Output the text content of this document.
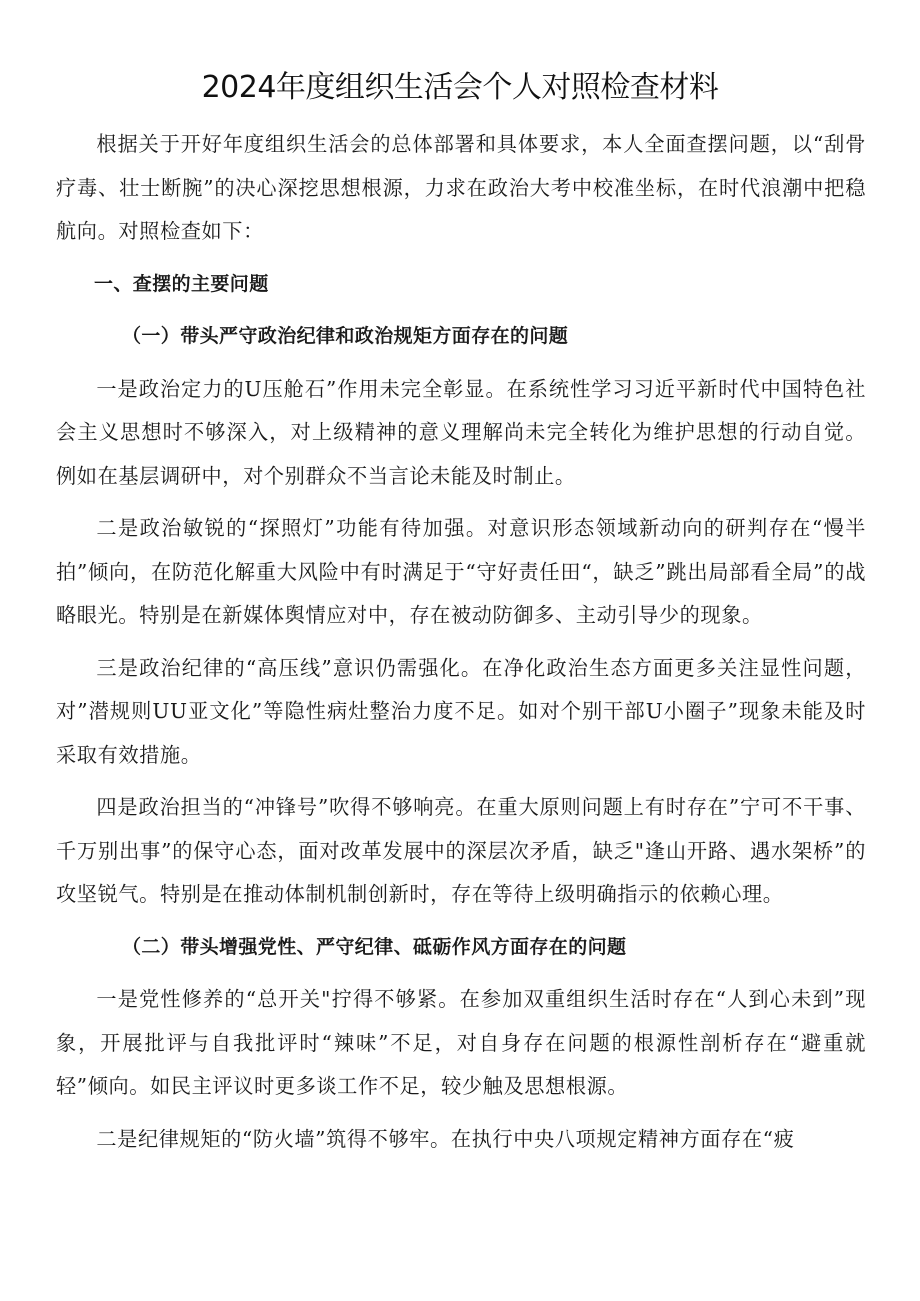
2024年度组织生活会个人对照检查材料

根据关于开好年度组织生活会的总体部署和具体要求，本人全面查摆问题，以“刮骨疗毒、壮士断腕”的决心深挖思想根源，力求在政治大考中校准坐标，在时代浪潮中把稳航向。对照检查如下：

一、查摆的主要问题

（一）带头严守政治纪律和政治规矩方面存在的问题

一是政治定力的U压舱石”作用未完全彰显。在系统性学习习近平新时代中国特色社会主义思想时不够深入，对上级精神的意义理解尚未完全转化为维护思想的行动自觉。例如在基层调研中，对个别群众不当言论未能及时制止。

二是政治敏锐的“探照灯”功能有待加强。对意识形态领域新动向的研判存在“慢半拍”倾向，在防范化解重大风险中有时满足于“守好责任田“，缺乏”跳出局部看全局”的战略眼光。特别是在新媒体舆情应对中，存在被动防御多、主动引导少的现象。

三是政治纪律的“高压线”意识仍需强化。在净化政治生态方面更多关注显性问题，对”潜规则UU亚文化”等隐性病灶整治力度不足。如对个别干部U小圈子”现象未能及时采取有效措施。

四是政治担当的“冲锋号”吹得不够响亮。在重大原则问题上有时存在”宁可不干事、千万别出事”的保守心态，面对改革发展中的深层次矛盾，缺乏"逢山开路、遇水架桥”的攻坚锐气。特别是在推动体制机制创新时，存在等待上级明确指示的依赖心理。

（二）带头增强党性、严守纪律、砥砺作风方面存在的问题

一是党性修养的“总开关"拧得不够紧。在参加双重组织生活时存在“人到心未到”现象，开展批评与自我批评时“辣味”不足，对自身存在问题的根源性剖析存在“避重就轻”倾向。如民主评议时更多谈工作不足，较少触及思想根源。

二是纪律规矩的“防火墙”筑得不够牢。在执行中央八项规定精神方面存在“疲
